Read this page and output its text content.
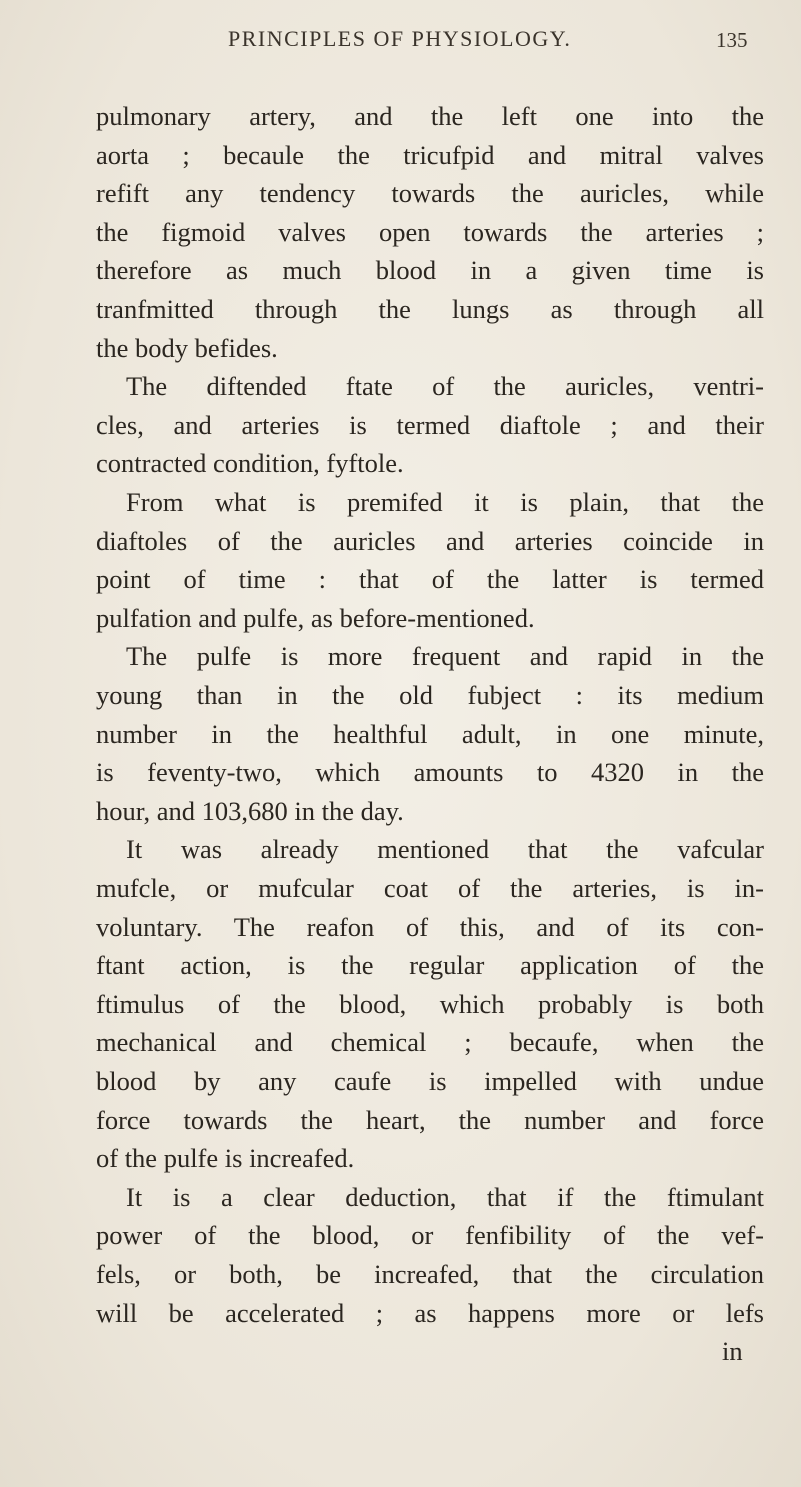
PRINCIPLES OF PHYSIOLOGY.	135
pulmonary artery, and the left one into the
aorta ; becaule the tricufpid and mitral valves
refift any tendency towards the auricles, while
the figmoid valves open towards the arteries ;
therefore as much blood in a given time is
tranfmitted through the lungs as through all
the body befides.
The diftended ftate of the auricles, ventri-
cles, and arteries is termed diaftole ; and their
contracted condition, fyftole.
From what is premifed it is plain, that the
diaftoles of the auricles and arteries coincide in
point of time : that of the latter is termed
pulfation and pulfe, as before-mentioned.
The pulfe is more frequent and rapid in the
young than in the old fubject : its medium
number in the healthful adult, in one minute,
is feventy-two, which amounts to 4320 in the
hour, and 103,680 in the day.
It was already mentioned that the vafcular
mufcle, or mufcular coat of the arteries, is in-
voluntary. The reafon of this, and of its con-
ftant action, is the regular application of the
ftimulus of the blood, which probably is both
mechanical and chemical ; becaufe, when the
blood by any caufe is impelled with undue
force towards the heart, the number and force
of the pulfe is increafed.
It is a clear deduction, that if the ftimulant
power of the blood, or fenfibility of the vef-
fels, or both, be increafed, that the circulation
will be accelerated ; as happens more or lefs
in
